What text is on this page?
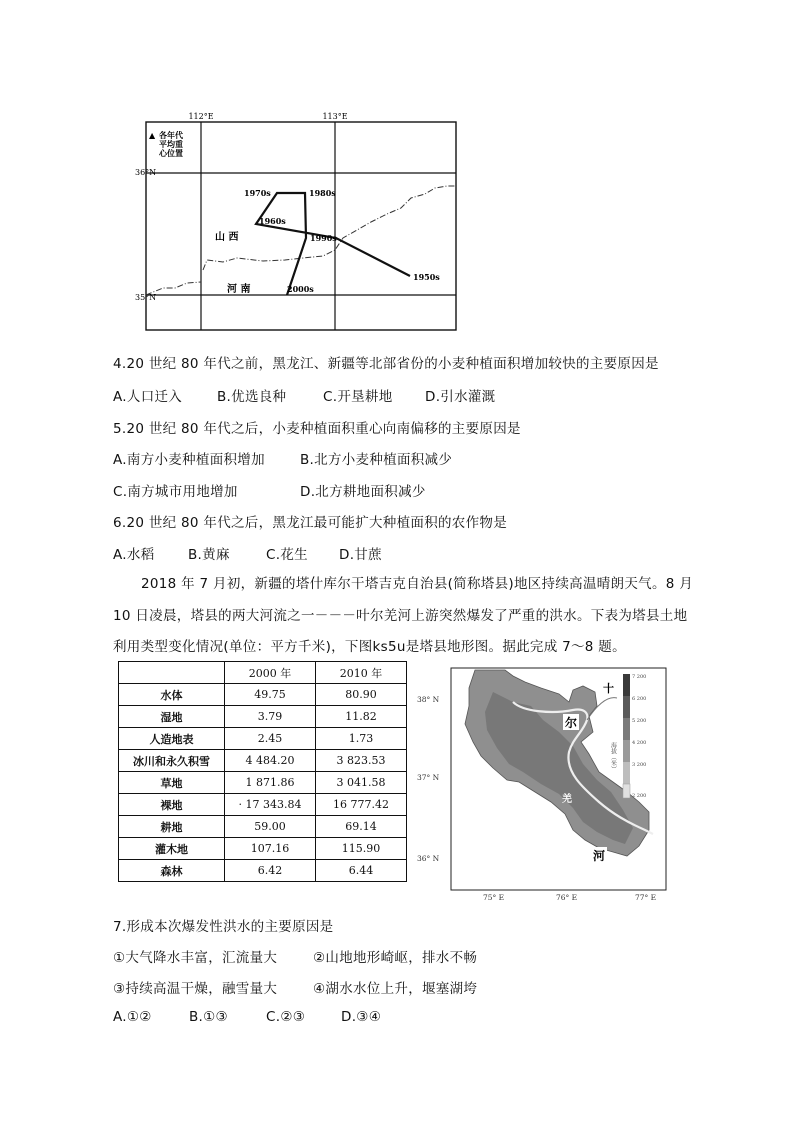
112°E	113°E
36°N
35°N
▲ 各年代
平均重
心位置
1950s
1960s
1970s	1980s
1990s
2000s
山 西
河 南
4.20 世纪 80 年代之前，黑龙江、新疆等北部省份的小麦种植面积增加较快的主要原因是
A.人口迁入	B.优选良种	C.开垦耕地 D.引水灌溉
5.20 世纪 80 年代之后，小麦种植面积重心向南偏移的主要原因是
A.南方小麦种植面积增加	B.北方小麦种植面积减少
C.南方城市用地增加	D.北方耕地面积减少
6.20 世纪 80 年代之后，黑龙江最可能扩大种植面积的农作物是
A.水稻 B.黄麻	C.花生 D.甘蔗
2018 年 7 月初，新疆的塔什库尔干塔吉克自治县(简称塔县)地区持续高温晴朗天气。8 月
10 日凌晨，塔县的两大河流之一－－－叶尔羌河上游突然爆发了严重的洪水。下表为塔县土地
利用类型变化情况(单位：平方千米)，下图ks5u是塔县地形图。据此完成 7～8 题。
	2000 年	2010 年
水体	49.75	80.90
湿地	3.79	11.82
人造地表	2.45	1.73
冰川和永久积雪	4 484.20	3 823.53
草地	1 871.86	3 041.58
裸地	· 17 343.84	16 777.42
耕地	59.00	69.14
灌木地	107.16	115.90
森林	6.42	6.44
尔
羌
河
38° N
37° N
36° N
75° E	76° E	77° E
十
7 200
6 200
5 200
4 200
3 200
2 200
海拔（米）
7.形成本次爆发性洪水的主要原因是
①大气降水丰富，汇流量大	②山地地形崎岖，排水不畅
③持续高温干燥，融雪量大	④湖水水位上升，堰塞湖垮
A.①②	B.①③	C.②③	D.③④
